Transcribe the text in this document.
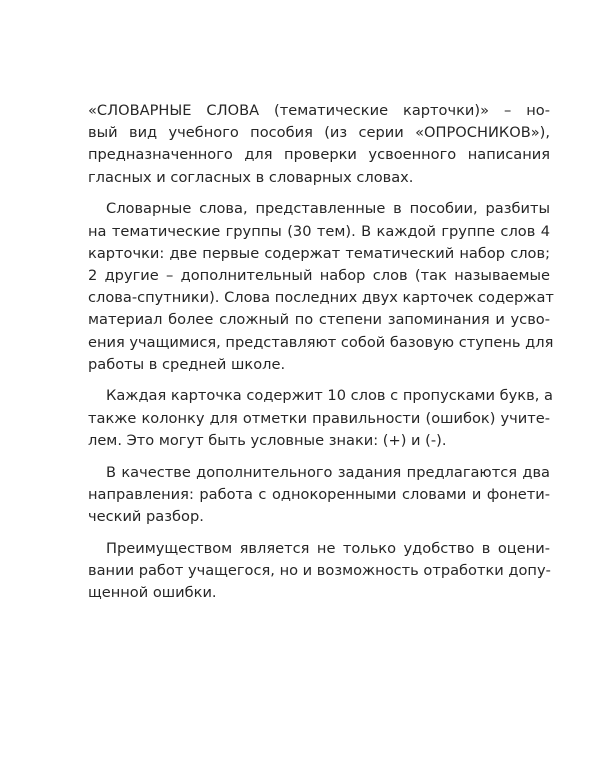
«СЛОВАРНЫЕ СЛОВА (тематические карточки)» – но-
вый вид учебного пособия (из серии «ОПРОСНИКОВ»),
предназначенного для проверки усвоенного написания
гласных и согласных в словарных словах.
Словарные слова, представленные в пособии, разбиты
на тематические группы (30 тем). В каждой группе слов 4
карточки: две первые содержат тематический набор слов;
2 другие – дополнительный набор слов (так называемые
слова-спутники). Слова последних двух карточек содержат
материал более сложный по степени запоминания и усво-
ения учащимися, представляют собой базовую ступень для
работы в средней школе.
Каждая карточка содержит 10 слов с пропусками букв, а
также колонку для отметки правильности (ошибок) учите-
лем. Это могут быть условные знаки: (+) и (-).
В качестве дополнительного задания предлагаются два
направления: работа с однокоренными словами и фонети-
ческий разбор.
Преимуществом является не только удобство в оцени-
вании работ учащегося, но и возможность отработки допу-
щенной ошибки.
